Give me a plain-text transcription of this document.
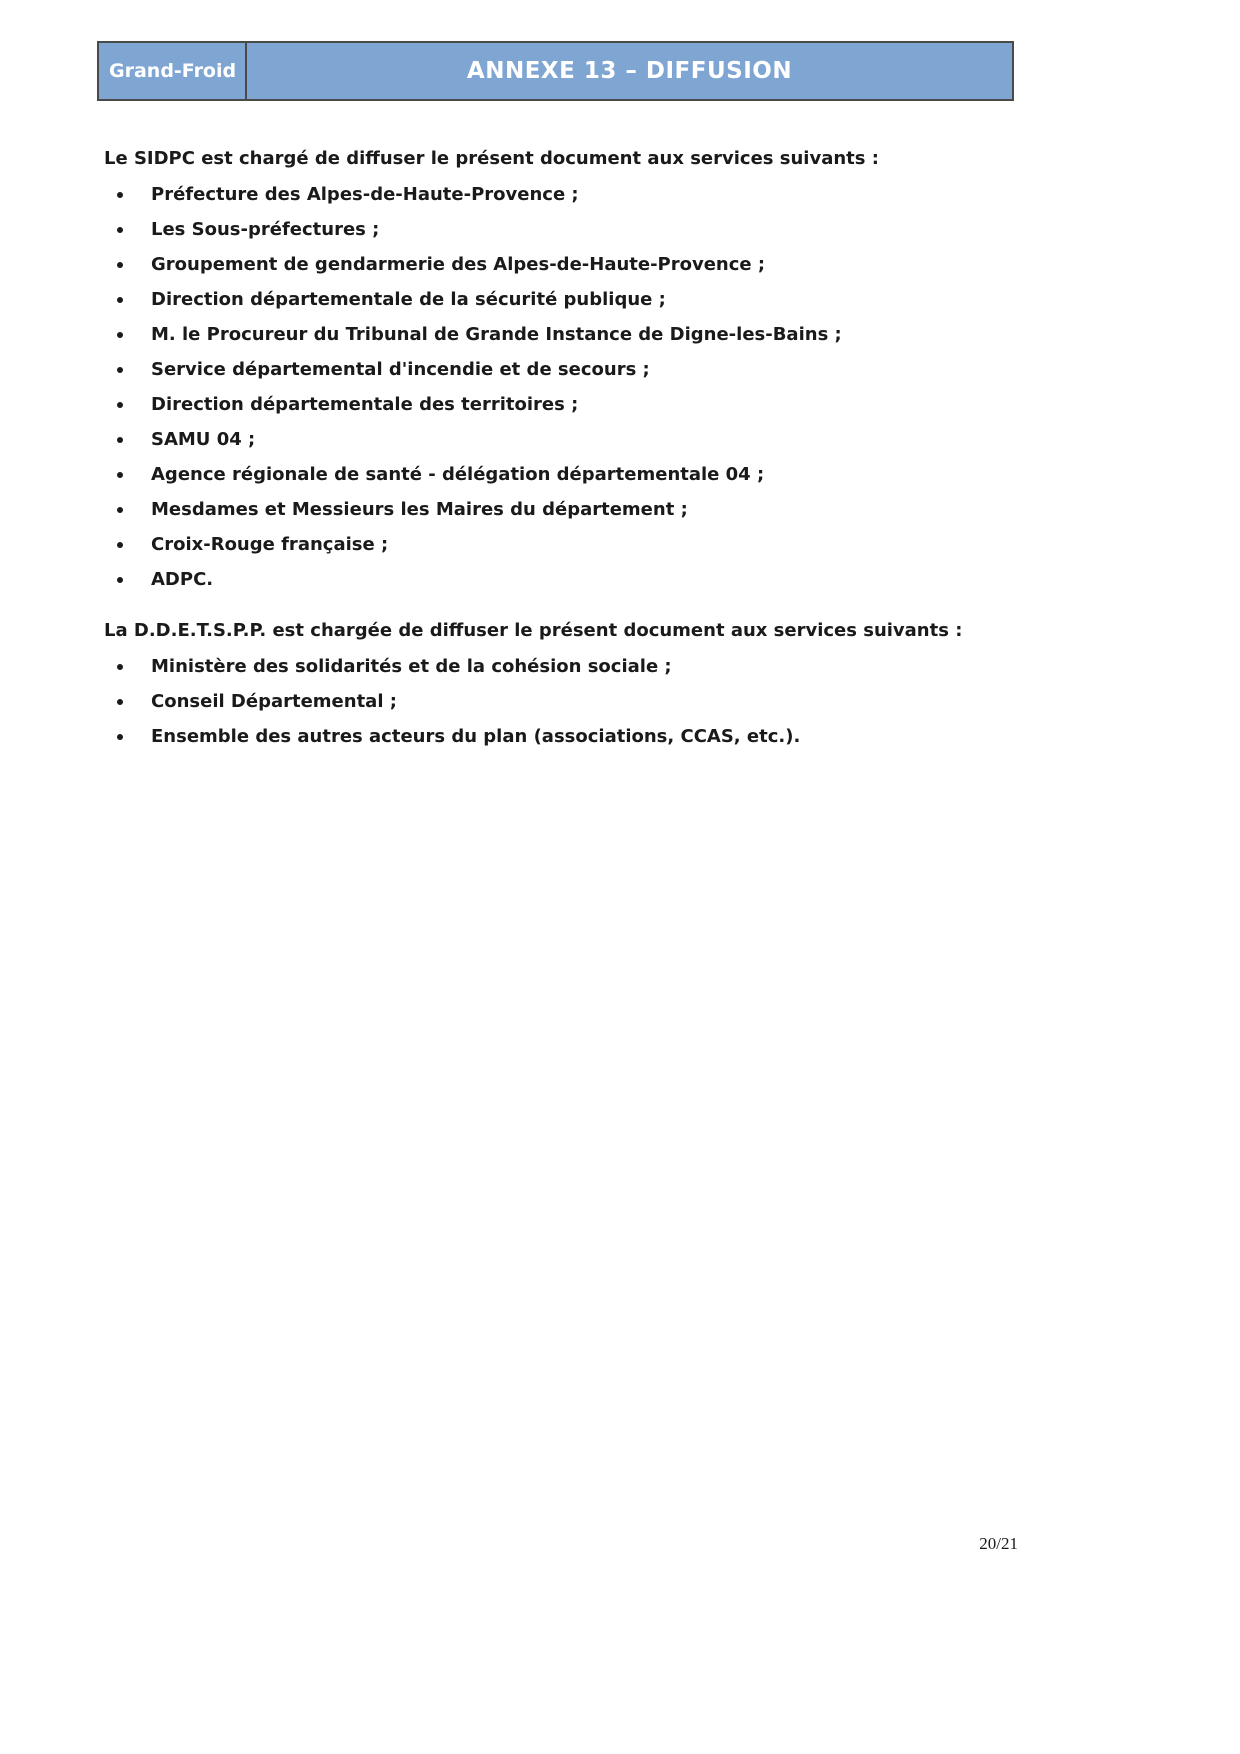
Grand-Froid	ANNEXE 13 – DIFFUSION
Le SIDPC est chargé de diffuser le présent document aux services suivants :
Préfecture des Alpes-de-Haute-Provence ;
Les Sous-préfectures ;
Groupement de gendarmerie des Alpes-de-Haute-Provence ;
Direction départementale de la sécurité publique ;
M. le Procureur du Tribunal de Grande Instance de Digne-les-Bains ;
Service départemental d'incendie et de secours ;
Direction départementale des territoires ;
SAMU 04 ;
Agence régionale de santé - délégation départementale 04 ;
Mesdames et Messieurs les Maires du département ;
Croix-Rouge française ;
ADPC.
La D.D.E.T.S.P.P. est chargée de diffuser le présent document aux services suivants :
Ministère des solidarités et de la cohésion sociale ;
Conseil Départemental ;
Ensemble des autres acteurs du plan (associations, CCAS, etc.).
20/21
